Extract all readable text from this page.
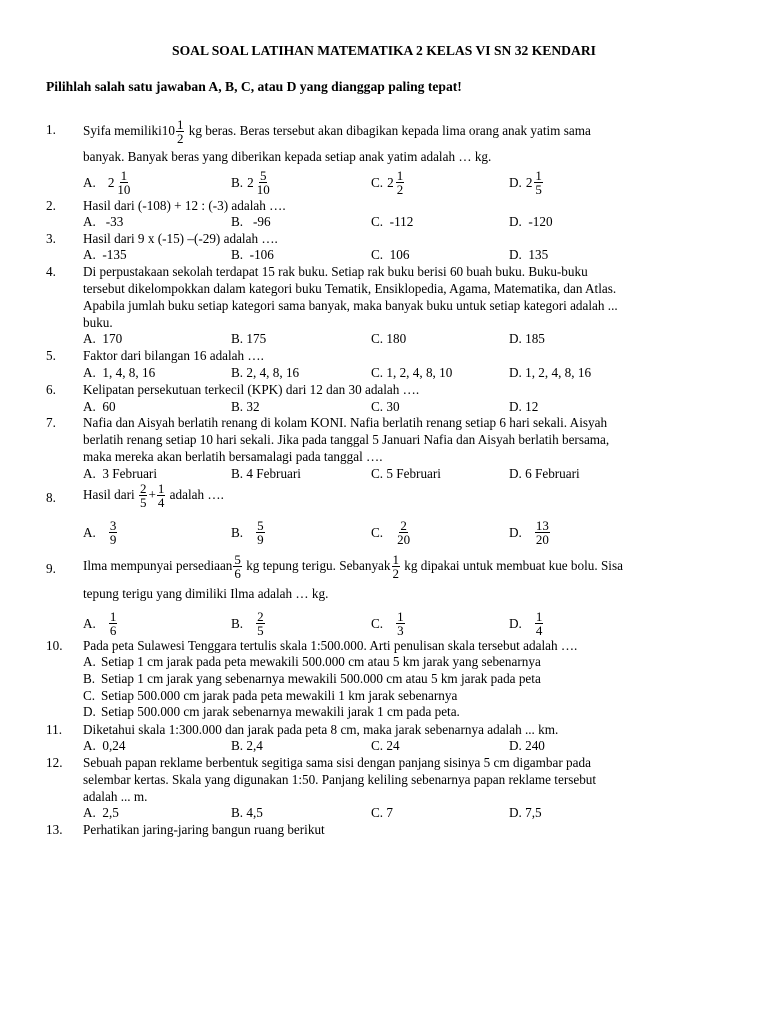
SOAL SOAL LATIHAN MATEMATIKA 2 KELAS VI SN 32 KENDARI
Pilihlah salah satu jawaban A, B, C, atau D yang dianggap paling tepat!
1. Syifa memiliki $10 \frac{1}{2}$ kg beras. Beras tersebut akan dibagikan kepada lima orang anak yatim sama
banyak. Banyak beras yang diberikan kepada setiap anak yatim adalah … kg.
A. $2 \frac{1}{10}$	B. $2 \frac{5}{10}$	C. $2 \frac{1}{2}$	D. $2 \frac{1}{5}$
2. Hasil dari (-108) + 12 : (-3) adalah ….
A.   -33	B.   -96	C.  -112	D.  -120
3. Hasil dari 9 x (-15) –(-29) adalah ….
A.  -135	B.  -106	C.  106	D.  135
4. Di perpustakaan sekolah terdapat 15 rak buku. Setiap rak buku berisi 60 buah buku. Buku-buku
tersebut dikelompokkan dalam kategori buku Tematik, Ensiklopedia, Agama, Matematika, dan Atlas.
Apabila jumlah buku setiap kategori sama banyak, maka banyak buku untuk setiap kategori adalah ...
buku.
A.  170	B. 175	C. 180	D. 185
5. Faktor dari bilangan 16 adalah ….
A.  1, 4, 8, 16	B. 2, 4, 8, 16	C. 1, 2, 4, 8, 10	D. 1, 2, 4, 8, 16
6. Kelipatan persekutuan terkecil (KPK) dari 12 dan 30 adalah ….
A.  60	B. 32	C. 30	D. 12
7. Nafia dan Aisyah berlatih renang di kolam KONI. Nafia berlatih renang setiap 6 hari sekali. Aisyah
berlatih renang setiap 10 hari sekali. Jika pada tanggal 5 Januari Nafia dan Aisyah berlatih bersama,
maka mereka akan berlatih bersamalagi pada tanggal ….
A.  3 Februari	B. 4 Februari	C. 5 Februari	D. 6 Februari
8. Hasil dari $\frac{2}{5} + \frac{1}{4}$ adalah ….
A. $\frac{3}{9}$	B. $\frac{5}{9}$	C. $\frac{2}{20}$	D. $\frac{13}{20}$
9. Ilma mempunyai persediaan $\frac{5}{6}$ kg tepung terigu. Sebanyak $\frac{1}{2}$ kg dipakai untuk membuat kue bolu. Sisa
tepung terigu yang dimiliki Ilma adalah … kg.
A. $\frac{1}{6}$	B. $\frac{2}{5}$	C. $\frac{1}{3}$	D. $\frac{1}{4}$
10. Pada peta Sulawesi Tenggara tertulis skala 1:500.000. Arti penulisan skala tersebut adalah ….
A. Setiap 1 cm jarak pada peta mewakili 500.000 cm atau 5 km jarak yang sebenarnya
B. Setiap 1 cm jarak yang sebenarnya mewakili 500.000 cm atau 5 km jarak pada peta
C. Setiap 500.000 cm jarak pada peta mewakili 1 km jarak sebenarnya
D. Setiap 500.000 cm jarak sebenarnya mewakili jarak 1 cm pada peta.
11. Diketahui skala 1:300.000 dan jarak pada peta 8 cm, maka jarak sebenarnya adalah ... km.
A.  0,24	B. 2,4	C. 24	D. 240
12. Sebuah papan reklame berbentuk segitiga sama sisi dengan panjang sisinya 5 cm digambar pada
selembar kertas. Skala yang digunakan 1:50. Panjang keliling sebenarnya papan reklame tersebut
adalah ... m.
A.  2,5	B. 4,5	C. 7	D. 7,5
13. Perhatikan jaring-jaring bangun ruang berikut
